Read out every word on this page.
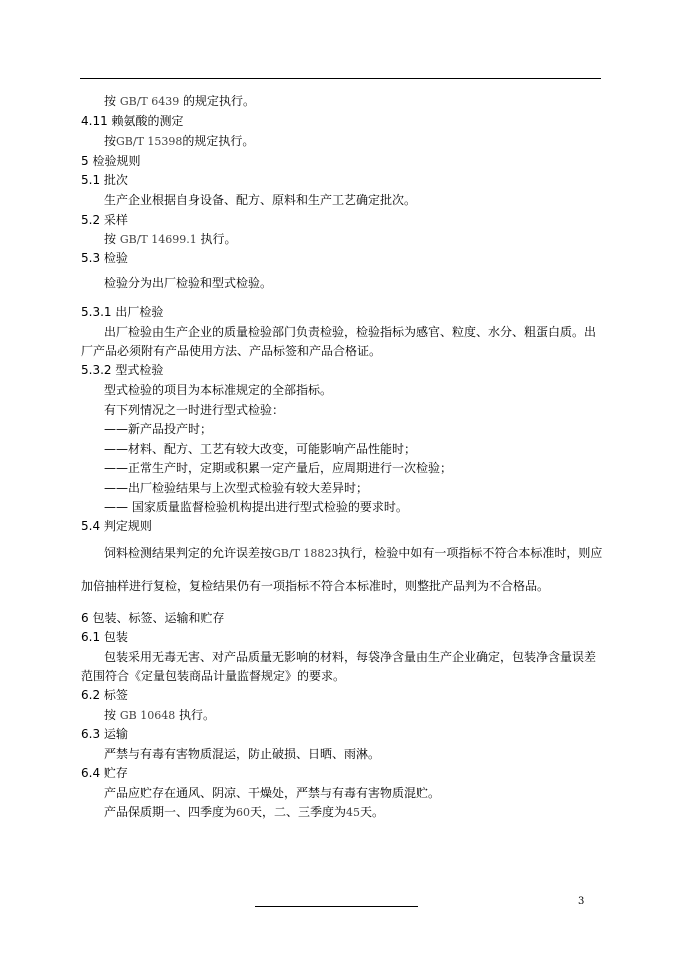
按 GB/T 6439 的规定执行。
4.11 赖氨酸的测定
按GB/T 15398的规定执行。
5 检验规则
5.1 批次
生产企业根据自身设备、配方、原料和生产工艺确定批次。
5.2 采样
按 GB/T 14699.1 执行。
5.3 检验
检验分为出厂检验和型式检验。
5.3.1 出厂检验
出厂检验由生产企业的质量检验部门负责检验，检验指标为感官、粒度、水分、粗蛋白质。出
厂产品必须附有产品使用方法、产品标签和产品合格证。
5.3.2 型式检验
型式检验的项目为本标准规定的全部指标。
有下列情况之一时进行型式检验：
——新产品投产时；
——材料、配方、工艺有较大改变，可能影响产品性能时；
——正常生产时，定期或积累一定产量后，应周期进行一次检验；
——出厂检验结果与上次型式检验有较大差异时；
—— 国家质量监督检验机构提出进行型式检验的要求时。
5.4 判定规则
饲料检测结果判定的允许误差按GB/T 18823执行，检验中如有一项指标不符合本标准时，则应
加倍抽样进行复检，复检结果仍有一项指标不符合本标准时，则整批产品判为不合格品。
6 包装、标签、运输和贮存
6.1 包装
包装采用无毒无害、对产品质量无影响的材料，每袋净含量由生产企业确定，包装净含量误差
范围符合《定量包装商品计量监督规定》的要求。
6.2 标签
按 GB 10648 执行。
6.3 运输
严禁与有毒有害物质混运，防止破损、日晒、雨淋。
6.4 贮存
产品应贮存在通风、阴凉、干燥处，严禁与有毒有害物质混贮。
产品保质期一、四季度为60天，二、三季度为45天。
3
